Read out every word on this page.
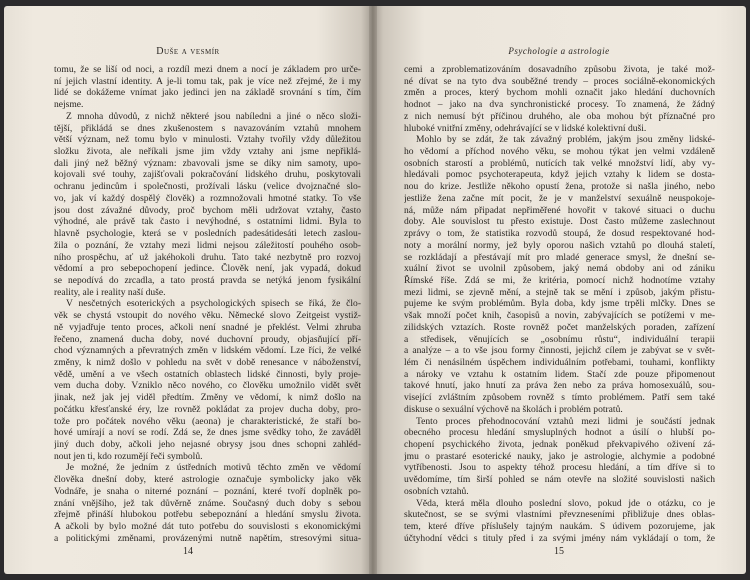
Duše a vesmír
tomu, že se liší od noci, a rozdíl mezi dnem a nocí je základem pro urče-
ní jejich vlastní identity. A je-li tomu tak, pak je více než zřejmé, že i my
lidé se dokážeme vnímat jako jedinci jen na základě srovnání s tím, čím
nejsme.
Z mnoha důvodů, z nichž některé jsou nabíledni a jiné o něco složi-
tější, přikládá se dnes zkušenostem s navazováním vztahů mnohem
větší význam, než tomu bylo v minulosti. Vztahy tvořily vždy důležitou
složku života, ale neříkali jsme jim vždy vztahy ani jsme nepřiklá-
dali jiný než běžný význam: zbavovali jsme se díky nim samoty, upo-
kojovali své touhy, zajišťovali pokračování lidského druhu, poskytovali
ochranu jedincům i společnosti, prožívali lásku (velice dvojznačné slo-
vo, jak ví každý dospělý člověk) a rozmnožovali hmotné statky. To vše
jsou dost závažné důvody, proč bychom měli udržovat vztahy, často
výhodné, ale právě tak často i nevýhodné, s ostatními lidmi. Byla to
hlavně psychologie, která se v posledních padesátidesáti letech zaslou-
žila o poznání, že vztahy mezi lidmi nejsou záležitostí pouhého osob-
ního prospěchu, ať už jakéhokoli druhu. Tato také nezbytně pro rozvoj
vědomí a pro sebepochopení jedince. Člověk není, jak vypadá, dokud
se nepodívá do zrcadla, a tato prostá pravda se netýká jenom fysikální
reality, ale i reality naší duše.
V nesčetných esoterických a psychologických spisech se říká, že člo-
věk se chystá vstoupit do nového věku. Německé slovo Zeitgeist vystiž-
ně vyjadřuje tento proces, ačkoli není snadné je překlést. Velmi zhruba
řečeno, znamená ducha doby, nové duchovní proudy, objasňující pří-
chod významných a převratných změn v lidském vědomí. Lze říci, že velké
změny, k nimž došlo v pohledu na svět v době renesance v náboženství,
vědě, umění a ve všech ostatních oblastech lidské činnosti, byly proje-
vem ducha doby. Vzniklo něco nového, co člověku umožnilo vidět svět
jinak, než jak jej viděl předtím. Změny ve vědomí, k nimž došlo na
počátku křesťanské éry, lze rovněž pokládat za projev ducha doby, pro-
tože pro počátek nového věku (aeona) je charakteristické, že staří bo-
hové umírají a noví se rodí. Zdá se, že dnes jsme svědky toho, že zaváděl
jiný duch doby, ačkoli jeho nejasné obrysy jsou dnes schopni zahléd-
nout jen ti, kdo rozumějí řeči symbolů.
Je možné, že jedním z ústředních motivů těchto změn ve vědomí
člověka dnešní doby, které astrologie označuje symbolicky jako věk
Vodnáře, je snaha o niterné poznání – poznání, které tvoří doplněk po-
znání vnějšího, jež tak důvěrně známe. Současný duch doby s sebou
zřejmě přináší hlubokou potřebu sebepoznání a hledání smyslu života.
A ačkoli by bylo možné dát tuto potřebu do souvislosti s ekonomickými
a politickými změnami, provázenými nutně napětím, stresovými situa-
14
Psychologie a astrologie
cemi a zproblematizováním dosavadního způsobu života, je také mož-
né dívat se na tyto dva souběžné trendy – proces sociálně-ekonomických
změn a proces, který bychom mohli označit jako hledání duchovních
hodnot – jako na dva synchronistické procesy. To znamená, že žádný
z nich nemusí být příčinou druhého, ale oba mohou být příznačné pro
hluboké vnitřní změny, odehrávající se v lidské kolektivní duši.
Mohlo by se zdát, že tak závažný problém, jakým jsou změny lidské-
ho vědomí a příchod nového věku, se mohou týkat jen velmi vzdáleně
osobních starostí a problémů, nutících tak velké množství lidí, aby vy-
hledávali pomoc psychoterapeuta, když jejich vztahy k lidem se dosta-
nou do krize. Jestliže někoho opustí žena, protože si našla jiného, nebo
jestliže žena začne mít pocit, že je v manželství sexuálně neuspokoje-
ná, může nám připadat nepřiměřené hovořit v takové situaci o duchu
doby. Ale souvislost tu přesto existuje. Dost často můžeme zaslechnout
zprávy o tom, že statistika rozvodů stoupá, že dosud respektované hod-
noty a morální normy, jež byly oporou našich vztahů po dlouhá staletí,
se rozkládají a přestávají mít pro mladé generace smysl, že dnešní se-
xuální život se uvolnil způsobem, jaký nemá obdoby ani od zániku
Římské říše. Zdá se mi, že kritéria, pomocí nichž hodnotíme vztahy
mezi lidmi, se zjevně mění, a stejně tak se mění i způsob, jakým přistu-
pujeme ke svým problémům. Byla doba, kdy jsme trpěli mlčky. Dnes se
však množí počet knih, časopisů a novin, zabývajících se potížemi v me-
zilidských vztazích. Roste rovněž počet manželských poraden, zařízení
a středisek, věnujících se „osobnímu růstu“, individuální terapii
a analýze – a to vše jsou formy činnosti, jejichž cílem je zabývat se v svět-
lém či nenásilném úspěchem individuálním potřebami, touhami, konflikty
a nároky ve vztahu k ostatním lidem. Stačí zde pouze připomenout
takové hnutí, jako hnutí za práva žen nebo za práva homosexuálů, sou-
visející zvláštním způsobem rovněž s tímto problémem. Patří sem také
diskuse o sexuální výchově na školách i problém potratů.
Tento proces přehodnocování vztahů mezi lidmi je součástí jednak
obecného procesu hledání smysluplných hodnot a úsilí o hlubší po-
chopení psychického života, jednak poněkud překvapivého oživení zá-
jmu o prastaré esoterické nauky, jako je astrologie, alchymie a podobné
vytříbenosti. Jsou to aspekty téhož procesu hledání, a tím dříve si to
uvědomíme, tím širší pohled se nám otevře na složité souvislosti našich
osobních vztahů.
Věda, která měla dlouho poslední slovo, pokud jde o otázku, co je
skutečnost, se se svými vlastními převzneseními přibližuje dnes oblas-
tem, které dříve příslušely tajným naukám. S údivem pozorujeme, jak
účtyhodní vědci s tituly před i za svými jmény nám vykládají o tom, že
15
